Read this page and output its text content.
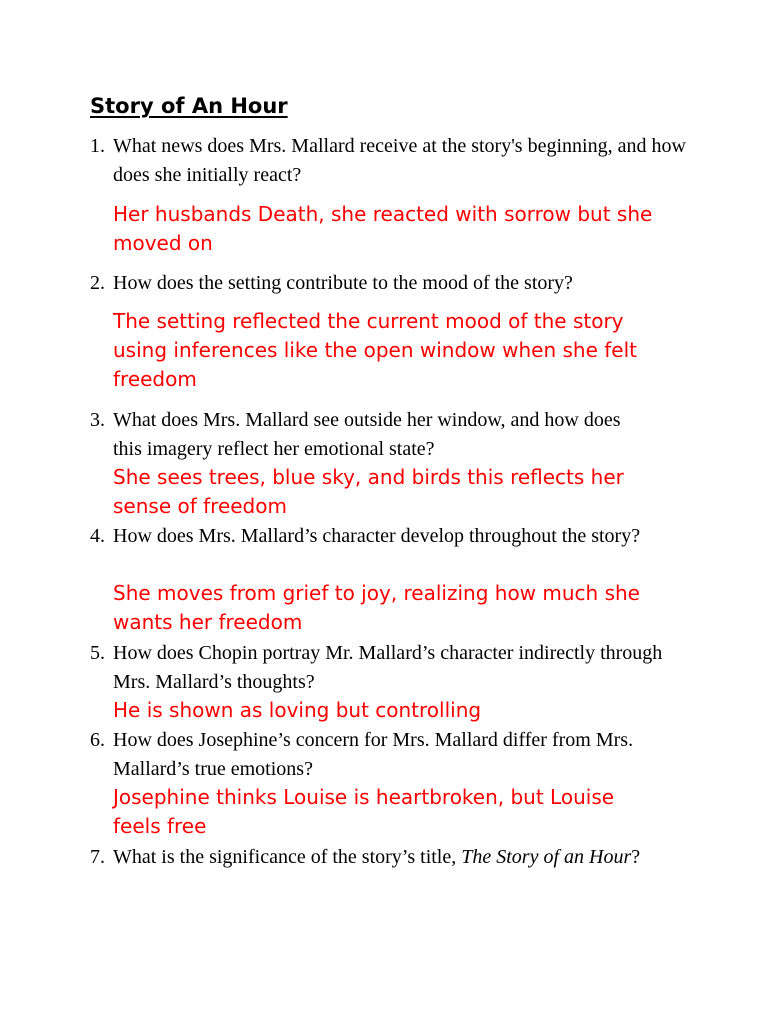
Story of An Hour
1. What news does Mrs. Mallard receive at the story's beginning, and how does she initially react?
Her husbands Death, she reacted with sorrow but she moved on
2. How does the setting contribute to the mood of the story?
The setting reflected the current mood of the story using inferences like the open window when she felt freedom
3. What does Mrs. Mallard see outside her window, and how does this imagery reflect her emotional state?
She sees trees, blue sky, and birds this reflects her sense of freedom
4. How does Mrs. Mallard’s character develop throughout the story?
She moves from grief to joy, realizing how much she wants her freedom
5. How does Chopin portray Mr. Mallard’s character indirectly through Mrs. Mallard’s thoughts?
He is shown as loving but controlling
6. How does Josephine’s concern for Mrs. Mallard differ from Mrs. Mallard’s true emotions?
Josephine thinks Louise is heartbroken, but Louise feels free
7. What is the significance of the story’s title, The Story of an Hour?
